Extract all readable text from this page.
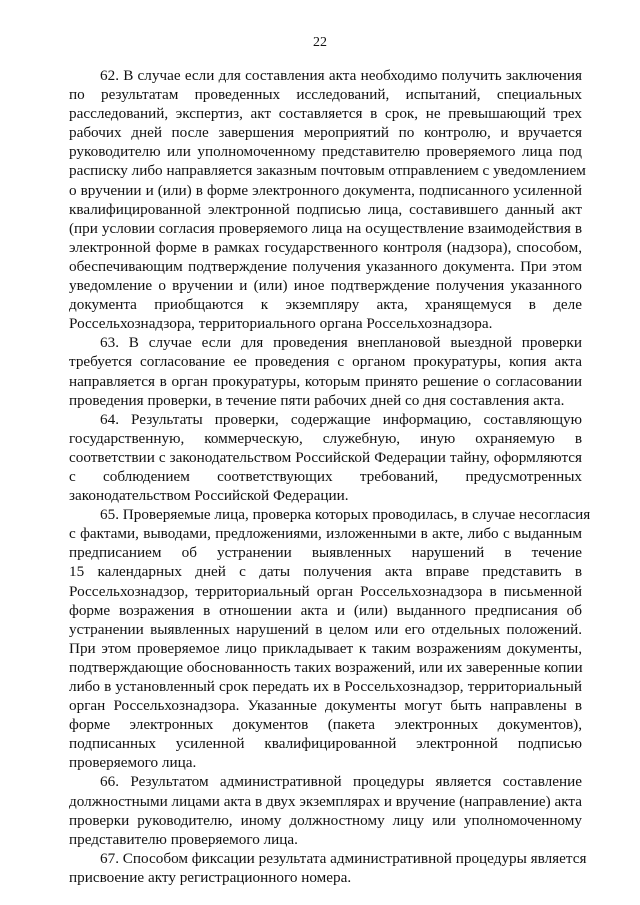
22
62. В случае если для составления акта необходимо получить заключения
по результатам проведенных исследований, испытаний, специальных
расследований, экспертиз, акт составляется в срок, не превышающий трех
рабочих дней после завершения мероприятий по контролю, и вручается
руководителю или уполномоченному представителю проверяемого лица под
расписку либо направляется заказным почтовым отправлением с уведомлением
о вручении и (или) в форме электронного документа, подписанного усиленной
квалифицированной электронной подписью лица, составившего данный акт
(при условии согласия проверяемого лица на осуществление взаимодействия в
электронной форме в рамках государственного контроля (надзора), способом,
обеспечивающим подтверждение получения указанного документа. При этом
уведомление о вручении и (или) иное подтверждение получения указанного
документа приобщаются к экземпляру акта, хранящемуся в деле
Россельхознадзора, территориального органа Россельхознадзора.
63. В случае если для проведения внеплановой выездной проверки
требуется согласование ее проведения с органом прокуратуры, копия акта
направляется в орган прокуратуры, которым принято решение о согласовании
проведения проверки, в течение пяти рабочих дней со дня составления акта.
64. Результаты проверки, содержащие информацию, составляющую
государственную, коммерческую, служебную, иную охраняемую в
соответствии с законодательством Российской Федерации тайну, оформляются
с соблюдением соответствующих требований, предусмотренных
законодательством Российской Федерации.
65. Проверяемые лица, проверка которых проводилась, в случае несогласия
с фактами, выводами, предложениями, изложенными в акте, либо с выданным
предписанием об устранении выявленных нарушений в течение
15 календарных дней с даты получения акта вправе представить в
Россельхознадзор, территориальный орган Россельхознадзора в письменной
форме возражения в отношении акта и (или) выданного предписания об
устранении выявленных нарушений в целом или его отдельных положений.
При этом проверяемое лицо прикладывает к таким возражениям документы,
подтверждающие обоснованность таких возражений, или их заверенные копии
либо в установленный срок передать их в Россельхознадзор, территориальный
орган Россельхознадзора. Указанные документы могут быть направлены в
форме электронных документов (пакета электронных документов),
подписанных усиленной квалифицированной электронной подписью
проверяемого лица.
66. Результатом административной процедуры является составление
должностными лицами акта в двух экземплярах и вручение (направление) акта
проверки руководителю, иному должностному лицу или уполномоченному
представителю проверяемого лица.
67. Способом фиксации результата административной процедуры является
присвоение акту регистрационного номера.
